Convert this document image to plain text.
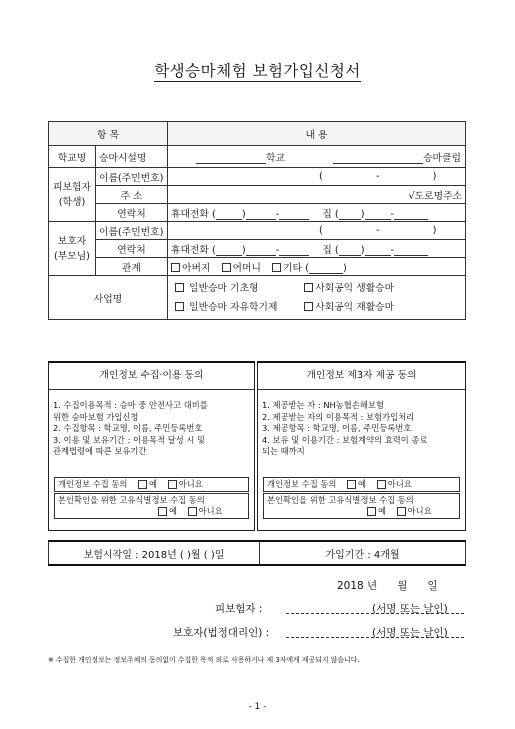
학생승마체험 보험가입신청서
항 목		내 용
학교명	승마시설명	학교 승마클럽

피보험자
(학생)	이름(주민번호)	( - )
	주 소	√도로명주소
	연락처	휴대전화 ( ) - 집 ( ) -

보호자
(부모님)	이름(주민번호)	( - )
	연락처	휴대전화 ( ) - 집 ( ) -
	관계	아버지 어머니 기타 ( )
사업명		일반승마 기초형 사회공익 생활승마
일반승마 자유학기제 사회공익 재활승마
개인정보 수집·이용 동의
1. 수집이용목적 : 승마 중 안전사고 대비를
위한 승마보험 가입신청
2. 수집항목 : 학교명, 이름, 주민등록번호
3. 이용 및 보유기간 : 이용목적 달성 시 및
관계법령에 따른 보유기간
개인정보 수집 동의	예	아니요
본인확인을 위한 고유식별정보 수집 동의
예	아니요
개인정보 제3자 제공 동의
1. 제공받는 자 : NH농협손해보험
2. 제공받는 자의 이용목적 : 보험가입처리
3. 제공항목 : 학교명, 이름, 주민등록번호
4. 보유 및 이용기간 : 보험계약의 효력이 종료
되는 때까지
개인정보 수집 동의	예	아니요
본인확인을 위한 고유식별정보 수집 동의
예	아니요
보험시작일 : 2018년 ( )월 ( )일	가입기간 : 4개월
2018 년      월      일
피보험자 :	(서명 또는 날인)
보호자(법정대리인) :	(서명 또는 날인)
※ 수집한 개인정보는 정보주체의 동의없이 수집한 목적 외로 사용하거나 제 3자에게 제공되지 않습니다.
- 1 -
